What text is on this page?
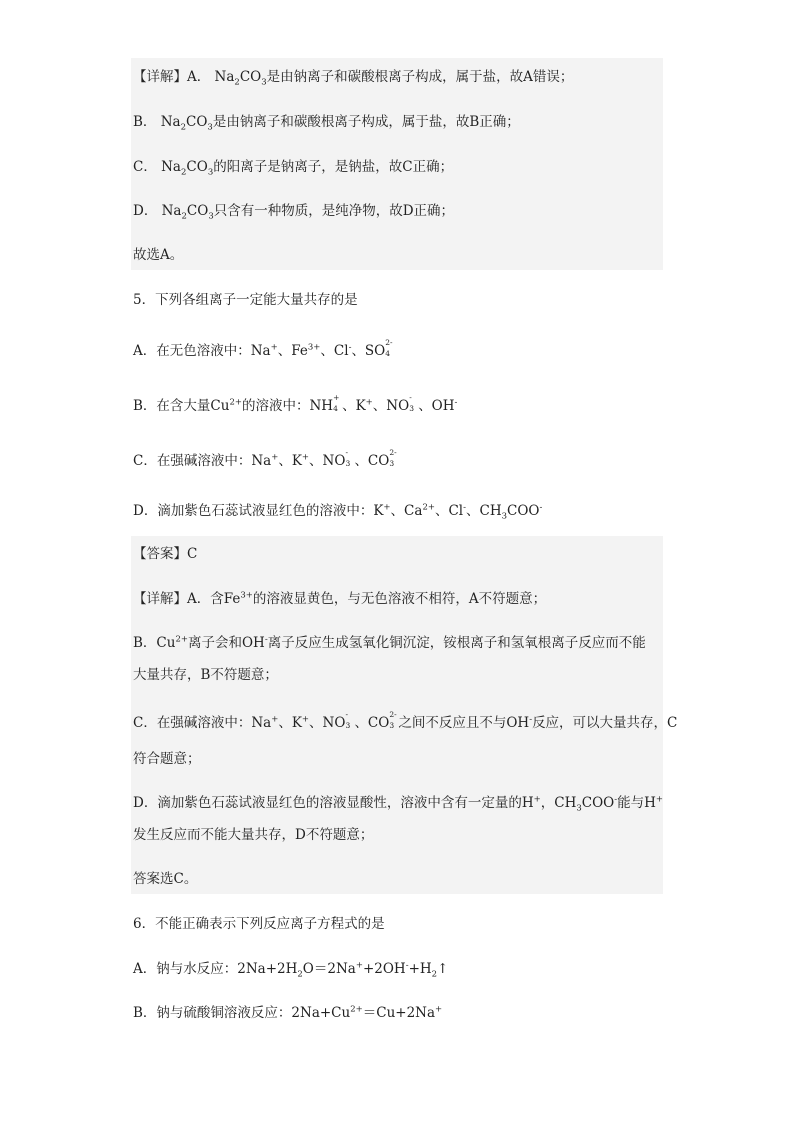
【详解】A． $Na_2CO_3$是由钠离子和碳酸根离子构成，属于盐，故A错误；
B． $Na_2CO_3$是由钠离子和碳酸根离子构成，属于盐，故B正确；
C． $Na_2CO_3$的阳离子是钠离子，是钠盐，故C正确；
D． $Na_2CO_3$只含有一种物质，是纯净物，故D正确；
故选A。
5．下列各组离子一定能大量共存的是
A．在无色溶液中：Na+、$Fe^{3+}$、Cl-、SO
2-
4
B．在含大量$Cu^{2+}$的溶液中：NH
+
4 、K+、NO
-
3 、OH-
C．在强碱溶液中：Na+、K+、NO
-
3 、CO
2-
3
D．滴加紫色石蕊试液显红色的溶液中：K+、$Ca^{2+}$、Cl-、$CH_3COO^-$
【答案】C
【详解】A．含$Fe^{3+}$的溶液显黄色，与无色溶液不相符，A不符题意；
B．$Cu^{2+}$离子会和OH-离子反应生成氢氧化铜沉淀，铵根离子和氢氧根离子反应而不能
大量共存，B不符题意；
C．在强碱溶液中：Na+、K+、NO
-
3 、CO
2-
3 之间不反应且不与OH-反应，可以大量共存，C
符合题意；
D．滴加紫色石蕊试液显红色的溶液显酸性，溶液中含有一定量的H+，$CH_3COO^-$能与H+
发生反应而不能大量共存，D不符题意；
答案选C。
6．不能正确表示下列反应离子方程式的是
A．钠与水反应：$2Na+2H_2O=2Na^++2OH^-+H_2↑$
B．钠与硫酸铜溶液反应：$2Na+Cu^{2+}=Cu+2Na^+$
